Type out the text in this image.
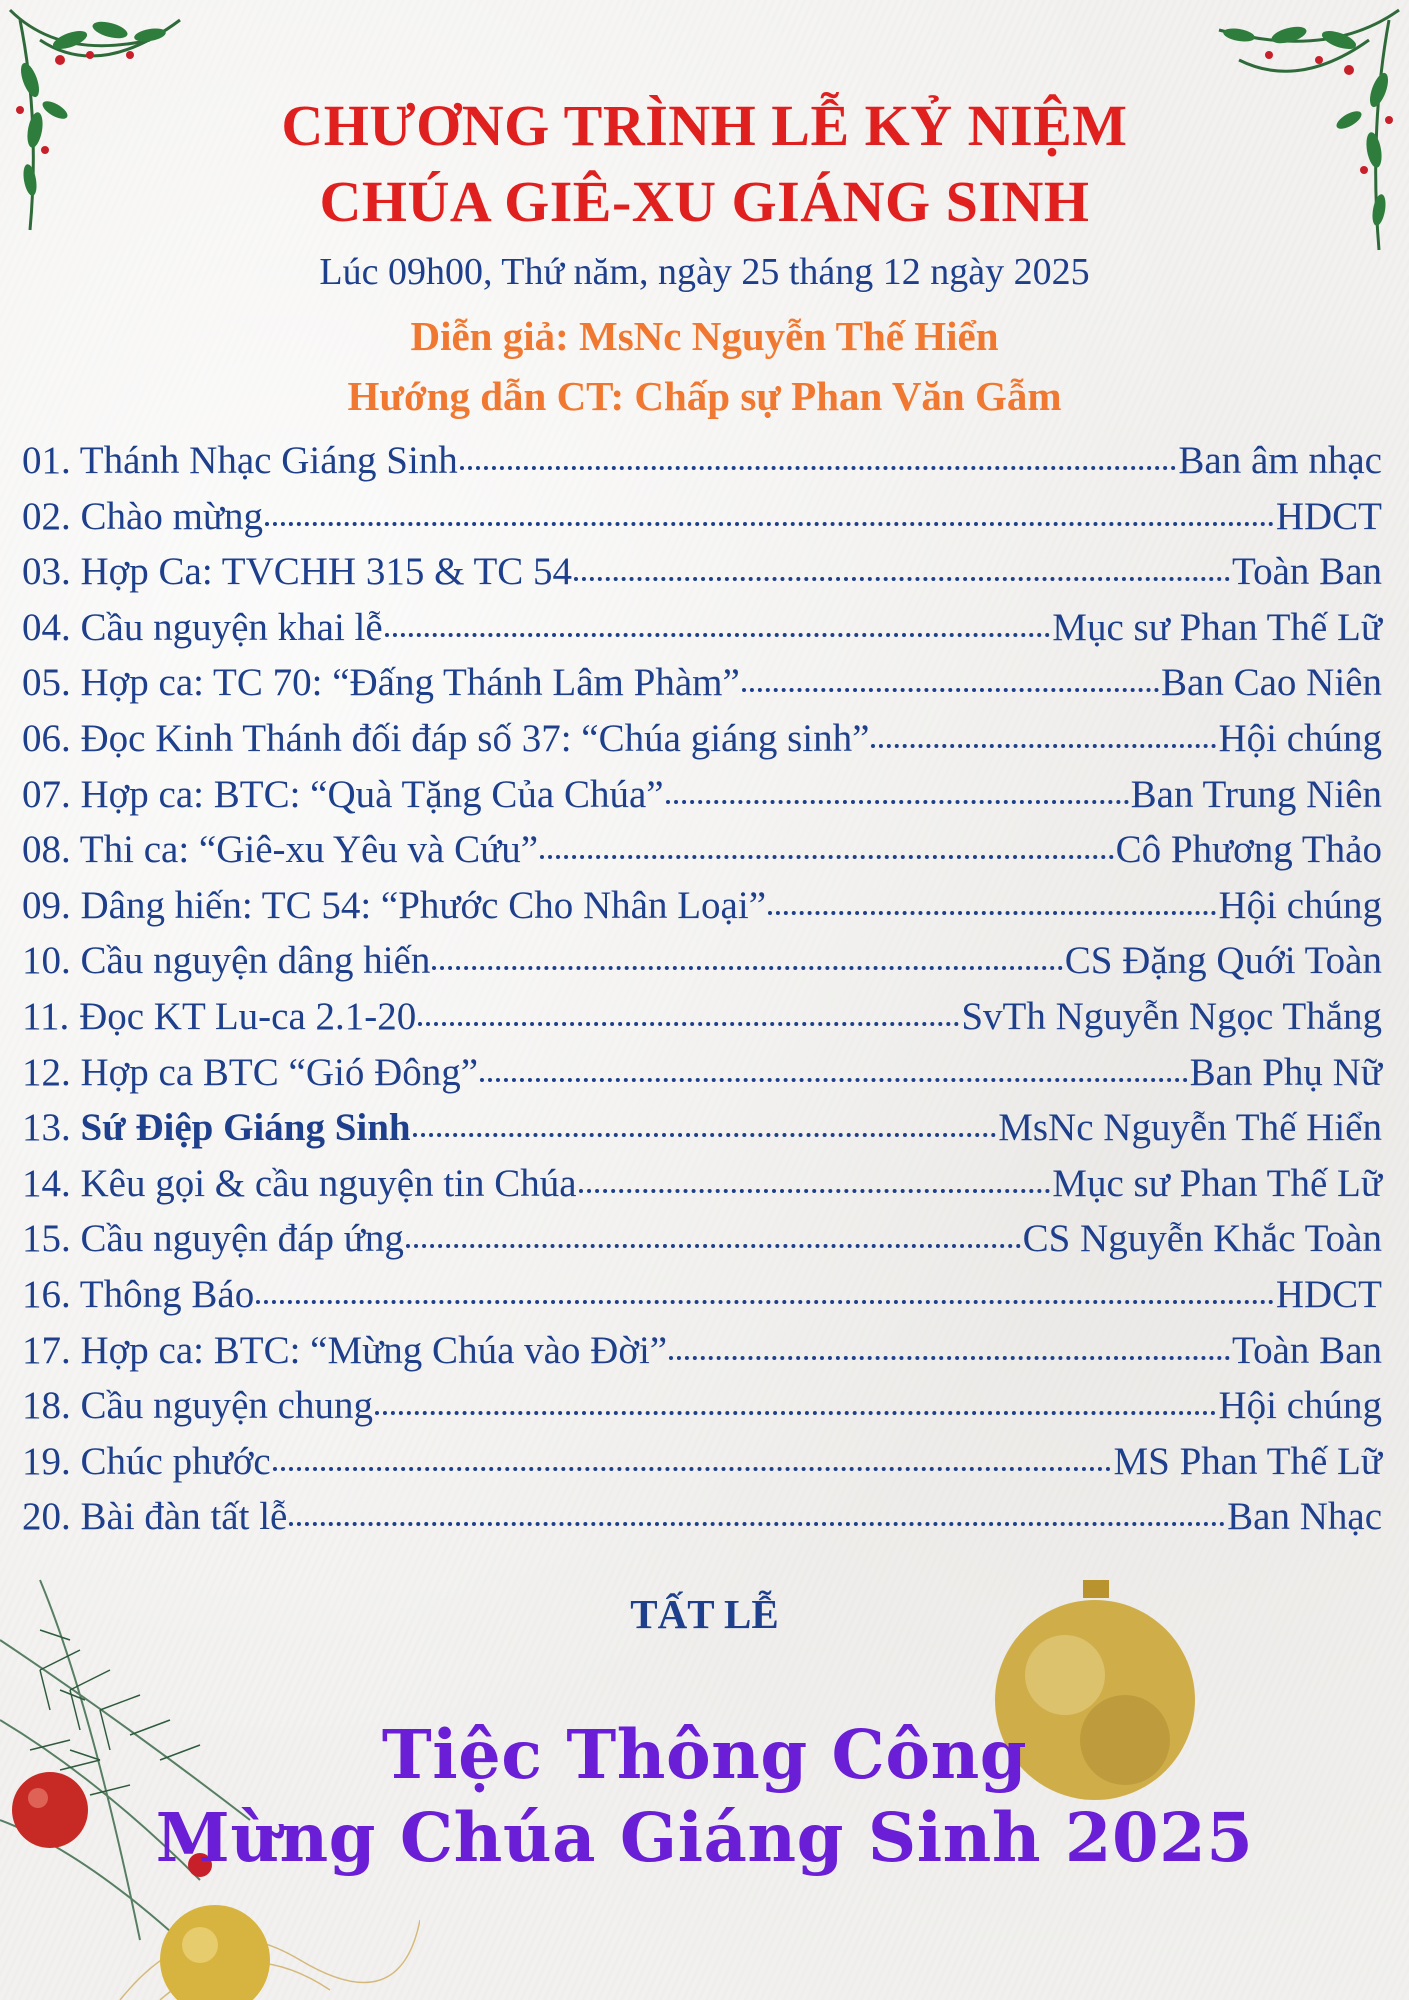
CHƯƠNG TRÌNH LỄ KỶ NIỆM
CHÚA GIÊ-XU GIÁNG SINH
Lúc 09h00, Thứ năm, ngày 25 tháng 12 ngày 2025
Diễn giả: MsNc Nguyễn Thế Hiển
Hướng dẫn CT: Chấp sự Phan Văn Gẫm
01. Thánh Nhạc Giáng Sinh	Ban âm nhạc
02. Chào mừng	HDCT
03. Hợp Ca: TVCHH 315 & TC 54	Toàn Ban
04. Cầu nguyện khai lễ	Mục sư Phan Thế Lữ
05. Hợp ca: TC 70: “Đấng Thánh Lâm Phàm”	Ban Cao Niên
06. Đọc Kinh Thánh đối đáp số 37: “Chúa giáng sinh”	Hội chúng
07. Hợp ca: BTC: “Quà Tặng Của Chúa”	Ban Trung Niên
08. Thi ca: “Giê-xu Yêu và Cứu”	Cô Phương Thảo
09. Dâng hiến: TC 54: “Phước Cho Nhân Loại”	Hội chúng
10. Cầu nguyện dâng hiến	CS Đặng Quới Toàn
11. Đọc KT Lu-ca 2.1-20	SvTh Nguyễn Ngọc Thắng
12. Hợp ca BTC “Gió Đông”	Ban Phụ Nữ
13. Sứ Điệp Giáng Sinh	MsNc Nguyễn Thế Hiển
14. Kêu gọi & cầu nguyện tin Chúa	Mục sư Phan Thế Lữ
15. Cầu nguyện đáp ứng	CS Nguyễn Khắc Toàn
16. Thông Báo	HDCT
17. Hợp ca: BTC: “Mừng Chúa vào Đời”	Toàn Ban
18. Cầu nguyện chung	Hội chúng
19. Chúc phước	MS Phan Thế Lữ
20. Bài đàn tất lễ	Ban Nhạc
TẤT LỄ
Tiệc Thông Công
Mừng Chúa Giáng Sinh 2025
